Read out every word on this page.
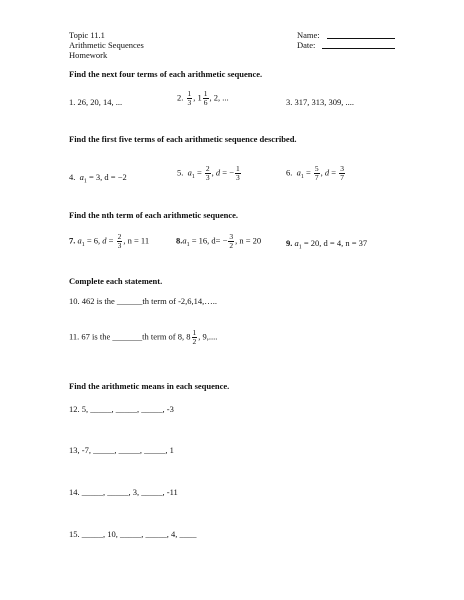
Topic 11.1
Arithmetic Sequences
Homework
Name:
Date:
Find the next four terms of each arithmetic sequence.
1. 26, 20, 14, ...	2. $\frac{1}{3}$ , $1 \frac{1}{6}$ , 2, ...	3. 317, 313, 309, ....
Find the first five terms of each arithmetic sequence described.
4. $a_1 = 3$, d = −2	5. $a_1 = \frac{2}{3}$ , d = − $\frac{1}{3}$	6. $a_1 = \frac{5}{7}$ , $d = \frac{3}{7}$
Find the nth term of each arithmetic sequence.
7. $a_1 = 6$, $d = \frac{2}{3}$ , n = 11	$8.a_1 = 16$, $d= - \frac{3}{2}$ , n = 20	9. $a_1 = 20$, d = 4, n = 37
Complete each statement.
10. 462 is the ______th term of -2,6,14,…..
11. 67 is the _______th term of 8, $8 \frac{1}{2}$ , 9,....
Find the arithmetic means in each sequence.
12. 5, _____, _____, _____, -3
13, -7, _____, _____, _____, 1
14. _____, _____, 3, _____, -11
15. _____, 10, _____, _____, 4, ____
